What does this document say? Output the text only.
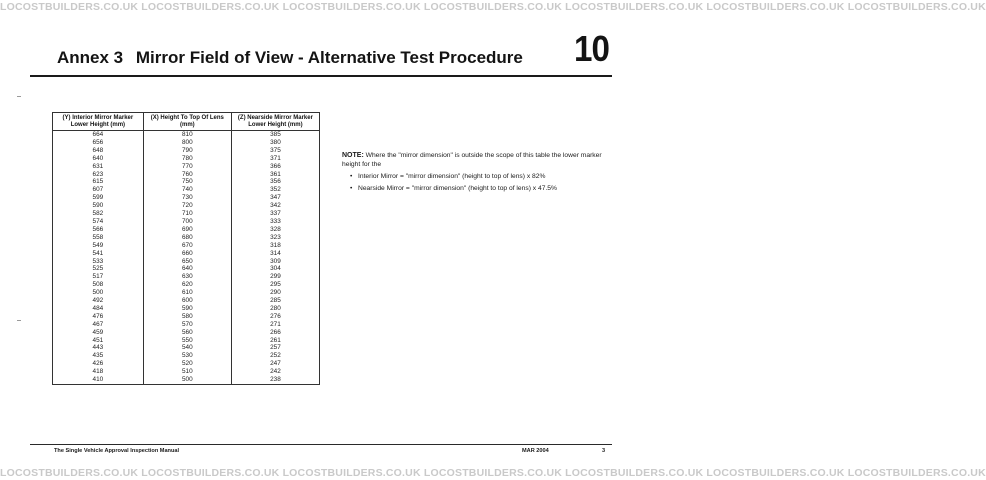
LOCOSTBUILDERS.CO.UK LOCOSTBUILDERS.CO.UK LOCOSTBUILDERS.CO.UK LOCOSTBUILDERS.CO.UK LOCOSTBUILDERS.CO.UK LOCOSTBUILDERS.CO.UK LOCOSTBUILDERS.CO.UK
Annex 3 Mirror Field of View - Alternative Test Procedure 10
(Y) Interior Mirror Marker Lower Height (mm)	(X) Height To Top Of Lens (mm)	(Z) Nearside Mirror Marker Lower Height (mm)
664	810	385
656	800	380
648	790	375
640	780	371
631	770	366
623	760	361
615	750	356
607	740	352
599	730	347
590	720	342
582	710	337
574	700	333
566	690	328
558	680	323
549	670	318
541	660	314
533	650	309
525	640	304
517	630	299
508	620	295
500	610	290
492	600	285
484	590	280
476	580	276
467	570	271
459	560	266
451	550	261
443	540	257
435	530	252
426	520	247
418	510	242
410	500	238
NOTE: Where the "mirror dimension" is outside the scope of this table the lower marker height for the
• Interior Mirror = "mirror dimension" (height to top of lens) x 82%
• Nearside Mirror = "mirror dimension" (height to top of lens) x 47.5%
The Single Vehicle Approval Inspection Manual	MAR 2004	3
LOCOSTBUILDERS.CO.UK LOCOSTBUILDERS.CO.UK LOCOSTBUILDERS.CO.UK LOCOSTBUILDERS.CO.UK LOCOSTBUILDERS.CO.UK LOCOSTBUILDERS.CO.UK LOCOSTBUILDERS.CO.UK
